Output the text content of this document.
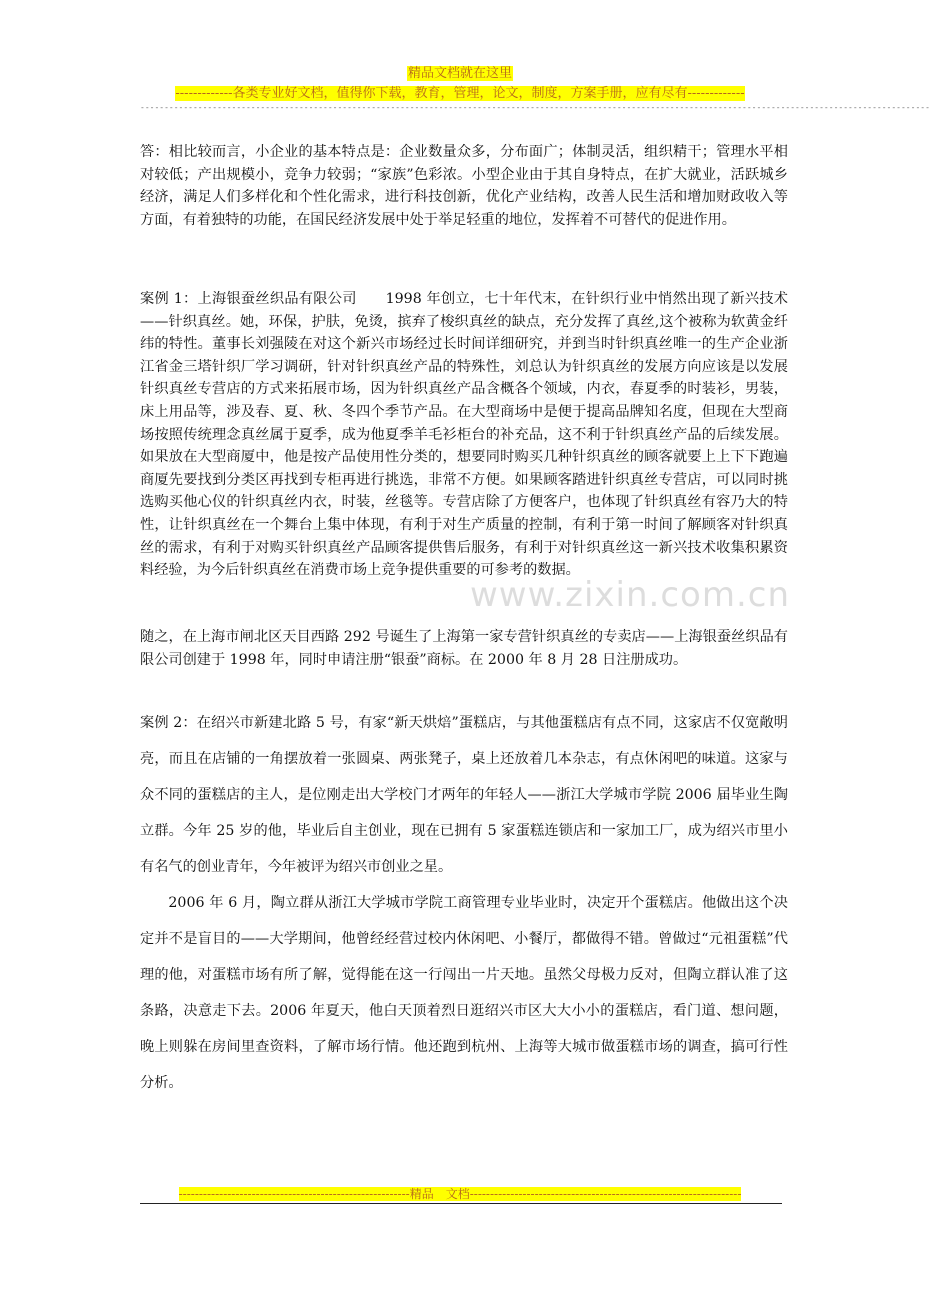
精品文档就在这里
-------------各类专业好文档，值得你下载，教育，管理，论文，制度，方案手册，应有尽有-------------
--------------------------------------------------------------------------------------------------------------------------------------------------------------------

答：相比较而言，小企业的基本特点是：企业数量众多，分布面广；体制灵活，组织精干；管理水平相对较低；产出规模小，竞争力较弱；“家族”色彩浓。小型企业由于其自身特点，在扩大就业，活跃城乡经济，满足人们多样化和个性化需求，进行科技创新，优化产业结构，改善人民生活和增加财政收入等方面，有着独特的功能，在国民经济发展中处于举足轻重的地位，发挥着不可替代的促进作用。

案例 1：上海银蚕丝织品有限公司　　1998 年创立，七十年代末，在针织行业中悄然出现了新兴技术——针织真丝。她，环保，护肤，免烫，摈弃了梭织真丝的缺点，充分发挥了真丝,这个被称为软黄金纤纬的特性。董事长刘强陵在对这个新兴市场经过长时间详细研究，并到当时针织真丝唯一的生产企业浙江省金三塔针织厂学习调研，针对针织真丝产品的特殊性，刘总认为针织真丝的发展方向应该是以发展针织真丝专营店的方式来拓展市场，因为针织真丝产品含概各个领域，内衣，春夏季的时装衫，男装，床上用品等，涉及春、夏、秋、冬四个季节产品。在大型商场中是便于提高品牌知名度，但现在大型商场按照传统理念真丝属于夏季，成为他夏季羊毛衫柜台的补充品，这不利于针织真丝产品的后续发展。如果放在大型商厦中，他是按产品使用性分类的，想要同时购买几种针织真丝的顾客就要上上下下跑遍商厦先要找到分类区再找到专柜再进行挑选，非常不方便。如果顾客踏进针织真丝专营店，可以同时挑选购买他心仪的针织真丝内衣，时装，丝毯等。专营店除了方便客户，也体现了针织真丝有容乃大的特性，让针织真丝在一个舞台上集中体现，有利于对生产质量的控制，有利于第一时间了解顾客对针织真丝的需求，有利于对购买针织真丝产品顾客提供售后服务，有利于对针织真丝这一新兴技术收集积累资料经验，为今后针织真丝在消费市场上竞争提供重要的可参考的数据。

随之，在上海市闸北区天目西路 292 号诞生了上海第一家专营针织真丝的专卖店——上海银蚕丝织品有限公司创建于 1998 年，同时申请注册“银蚕”商标。在 2000 年 8 月 28 日注册成功。

案例 2：在绍兴市新建北路 5 号，有家“新天烘焙”蛋糕店，与其他蛋糕店有点不同，这家店不仅宽敞明亮，而且在店铺的一角摆放着一张圆桌、两张凳子，桌上还放着几本杂志，有点休闲吧的味道。这家与众不同的蛋糕店的主人，是位刚走出大学校门才两年的年轻人——浙江大学城市学院 2006 届毕业生陶立群。今年 25 岁的他，毕业后自主创业，现在已拥有 5 家蛋糕连锁店和一家加工厂，成为绍兴市里小有名气的创业青年，今年被评为绍兴市创业之星。

2006 年 6 月，陶立群从浙江大学城市学院工商管理专业毕业时，决定开个蛋糕店。他做出这个决定并不是盲目的——大学期间，他曾经经营过校内休闲吧、小餐厅，都做得不错。曾做过“元祖蛋糕”代理的他，对蛋糕市场有所了解，觉得能在这一行闯出一片天地。虽然父母极力反对，但陶立群认准了这条路，决意走下去。2006 年夏天，他白天顶着烈日逛绍兴市区大大小小的蛋糕店，看门道、想问题，晚上则躲在房间里查资料，了解市场行情。他还跑到杭州、上海等大城市做蛋糕市场的调查，搞可行性分析。

www.zixin.com.cn
---------------------------------------------------------精品　文档-------------------------------------------------------------------
